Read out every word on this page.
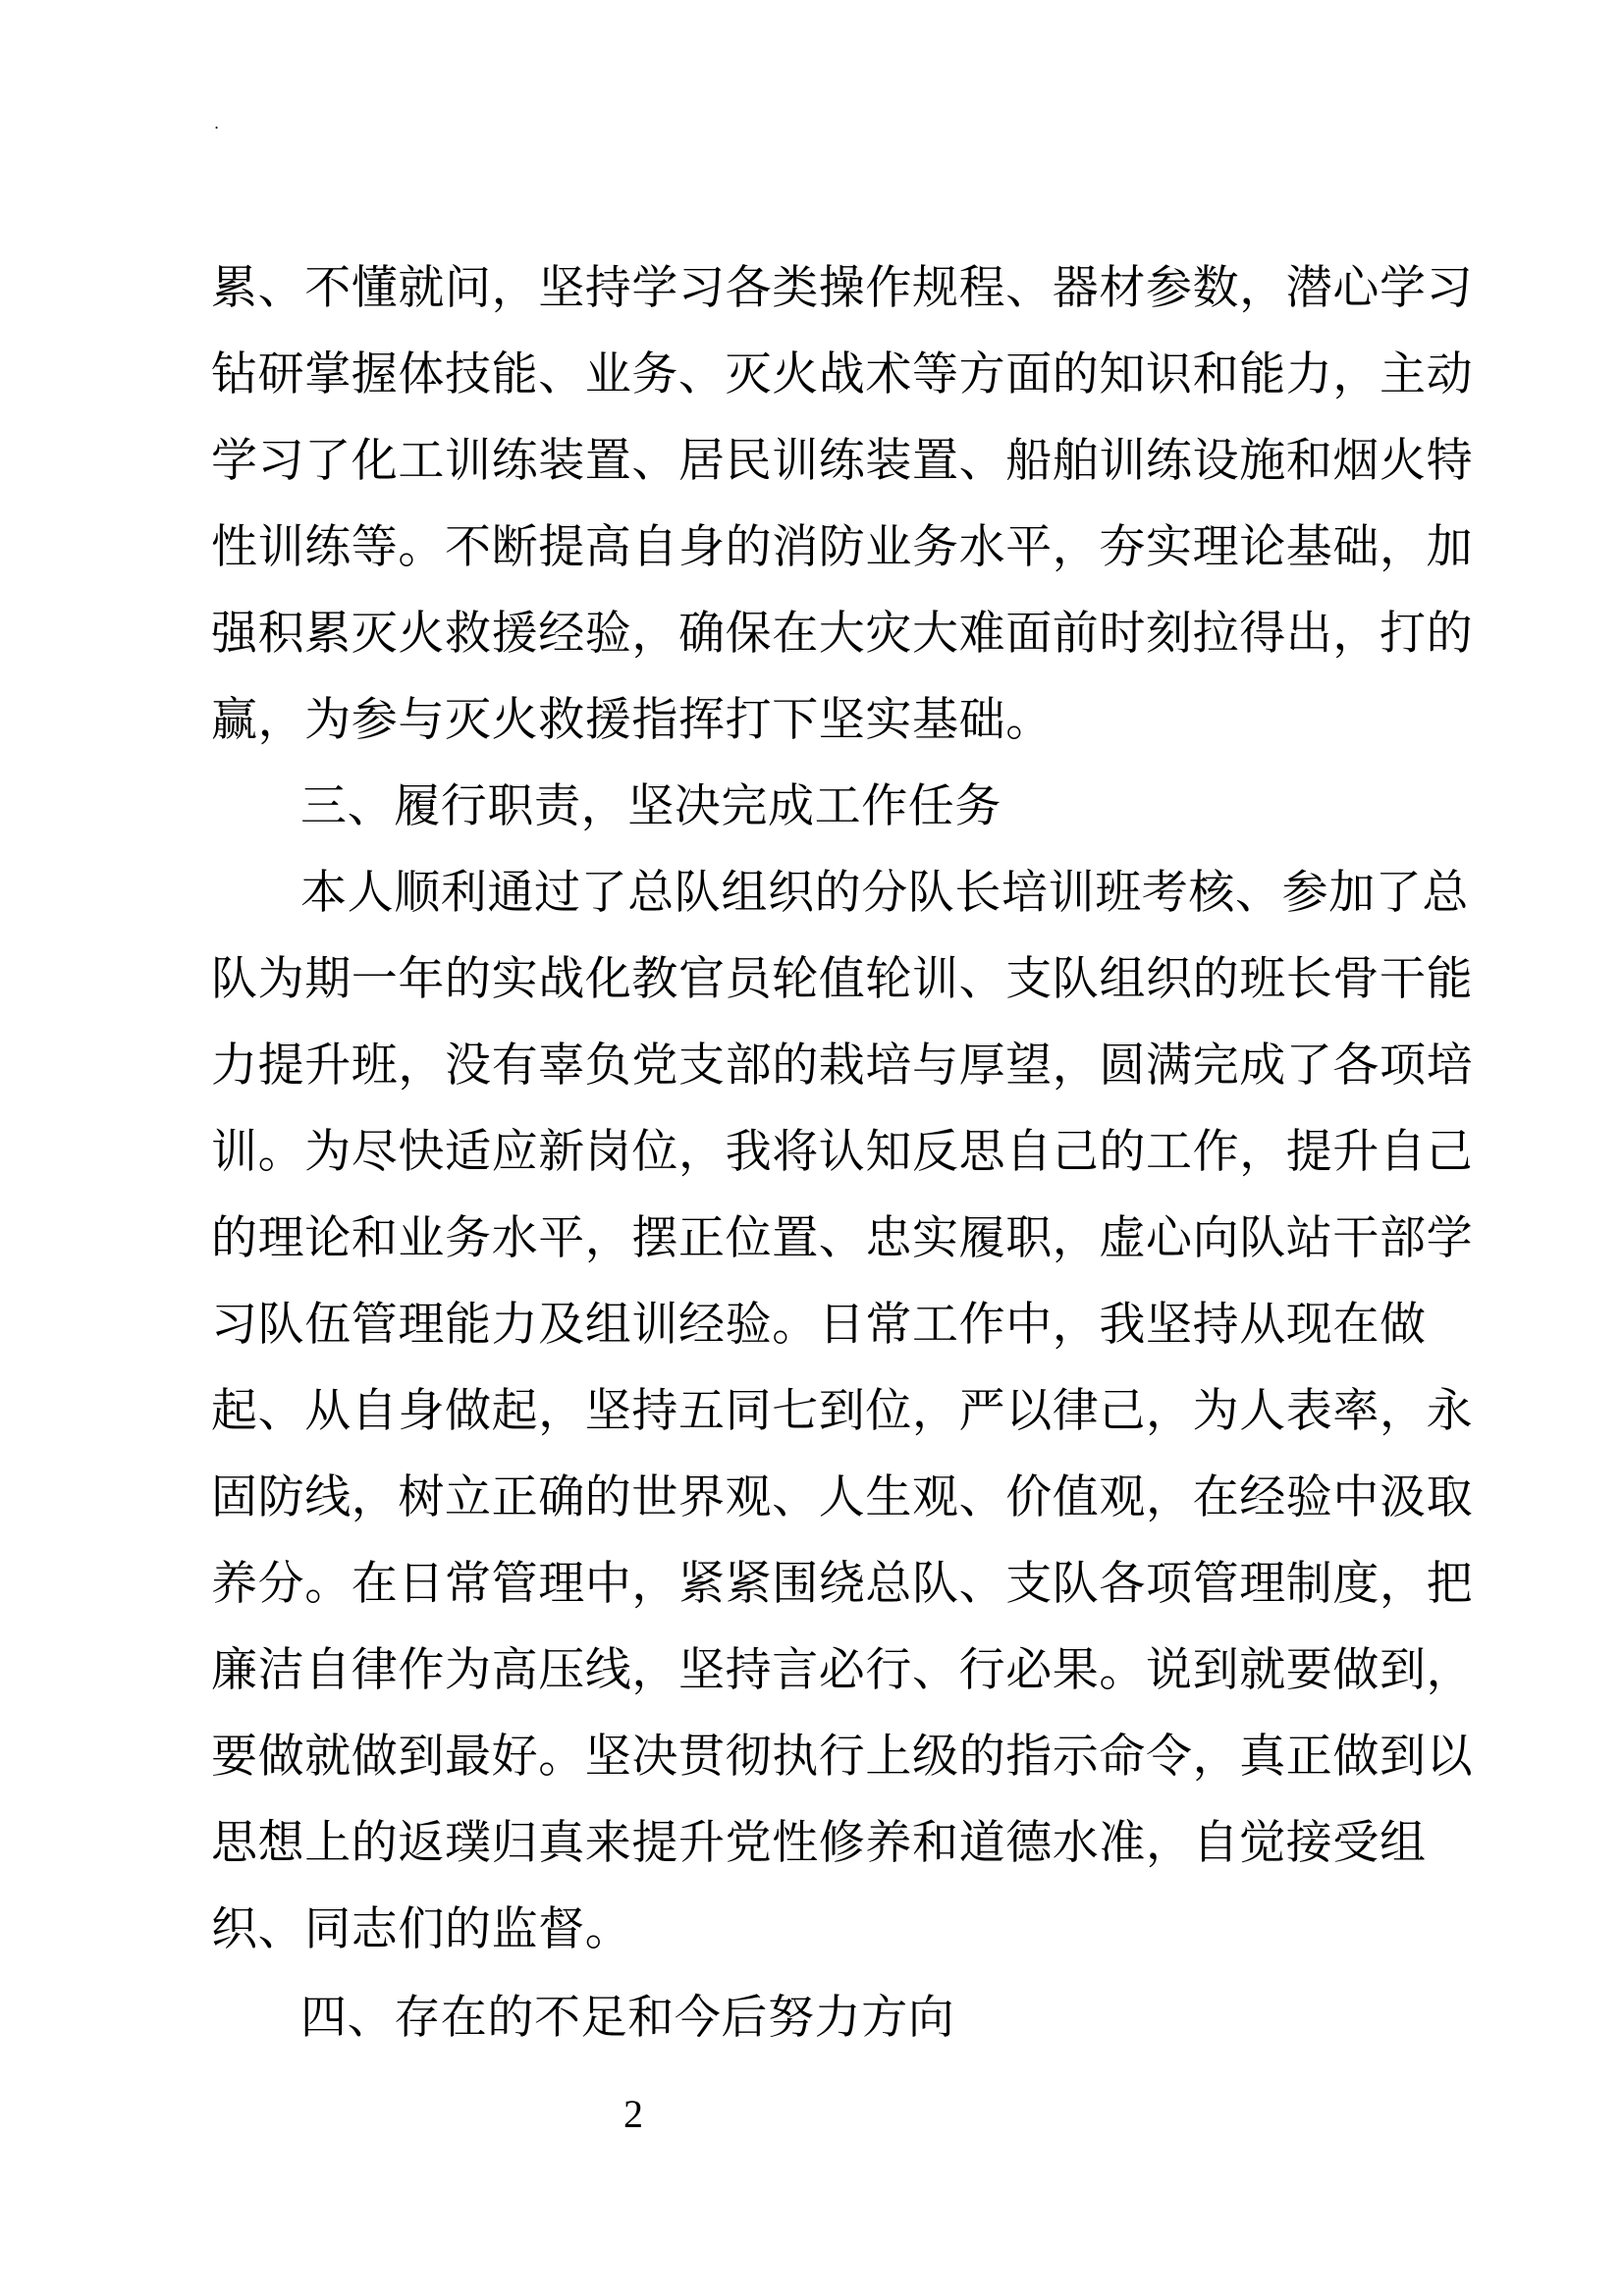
.
累、不懂就问，坚持学习各类操作规程、器材参数，潜心学习
钻研掌握体技能、业务、灭火战术等方面的知识和能力，主动
学习了化工训练装置、居民训练装置、船舶训练设施和烟火特
性训练等。不断提高自身的消防业务水平，夯实理论基础，加
强积累灭火救援经验，确保在大灾大难面前时刻拉得出，打的
赢，为参与灭火救援指挥打下坚实基础。
三、履行职责，坚决完成工作任务
本人顺利通过了总队组织的分队长培训班考核、参加了总
队为期一年的实战化教官员轮值轮训、支队组织的班长骨干能
力提升班，没有辜负党支部的栽培与厚望，圆满完成了各项培
训。为尽快适应新岗位，我将认知反思自己的工作，提升自己
的理论和业务水平，摆正位置、忠实履职，虚心向队站干部学
习队伍管理能力及组训经验。日常工作中，我坚持从现在做
起、从自身做起，坚持五同七到位，严以律己，为人表率，永
固防线，树立正确的世界观、人生观、价值观，在经验中汲取
养分。在日常管理中，紧紧围绕总队、支队各项管理制度，把
廉洁自律作为高压线，坚持言必行、行必果。说到就要做到，
要做就做到最好。坚决贯彻执行上级的指示命令，真正做到以
思想上的返璞归真来提升党性修养和道德水准，自觉接受组
织、同志们的监督。
四、存在的不足和今后努力方向
2
